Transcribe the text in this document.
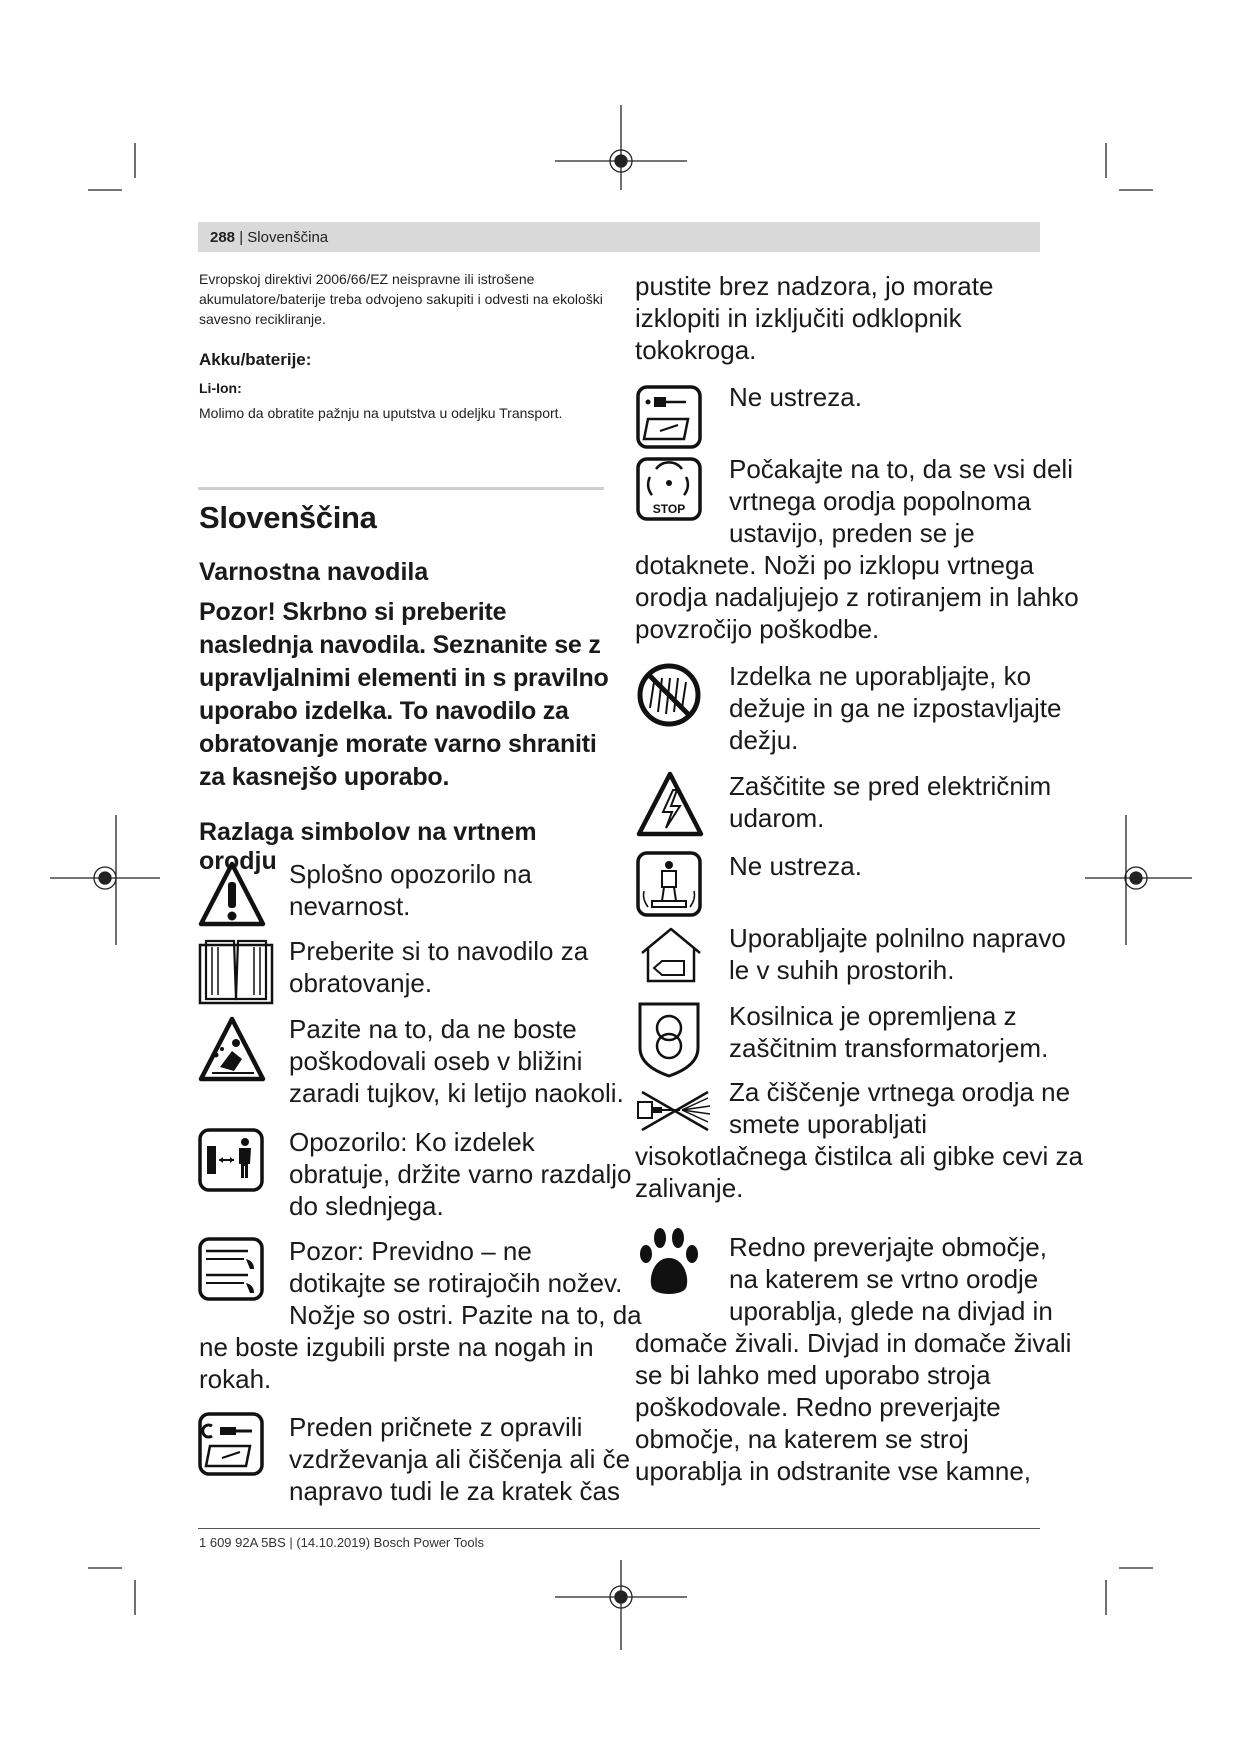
288 | Slovenščina
Evropskoj direktivi 2006/66/EZ neispravne ili istrošene akumulatore/baterije treba odvojeno sakupiti i odvesti na ekološki savesno recikliranje.
Akku/baterije:
Li-Ion:
Molimo da obratite pažnju na uputstva u odeljku Transport.
Slovenščina
Varnostna navodila
Pozor! Skrbno si preberite naslednja navodila. Seznanite se z upravljalnimi elementi in s pravilno uporabo izdelka. To navodilo za obratovanje morate varno shraniti za kasnejšo uporabo.
Razlaga simbolov na vrtnem orodju Splošno opozorilo na
nevarnost.
Preberite si to navodilo za
obratovanje.
Pazite na to, da ne boste
poškodovali oseb v bližini
zaradi tujkov, ki letijo naokoli.
Opozorilo: Ko izdelek
obratuje, držite varno razdaljo
do slednjega.
Pozor: Previdno – ne
dotikajte se rotirajočih nožev.
Nožje so ostri. Pazite na to, da
ne boste izgubili prste na nogah in
rokah.
Preden pričnete z opravili
vzdrževanja ali čiščenja ali če
napravo tudi le za kratek čas
pustite brez nadzora, jo morate
izklopiti in izključiti odklopnik
tokokroga.
Ne ustreza.
STOP
Počakajte na to, da se vsi deli
vrtnega orodja popolnoma
ustavijo, preden se je
dotaknete. Noži po izklopu vrtnega
orodja nadaljujejo z rotiranjem in lahko
povzročijo poškodbe.
Izdelka ne uporabljajte, ko
dežuje in ga ne izpostavljajte
dežju.
Zaščitite se pred električnim
udarom.
Ne ustreza.
Uporabljajte polnilno napravo
le v suhih prostorih.
Kosilnica je opremljena z
zaščitnim transformatorjem.
Za čiščenje vrtnega orodja ne
smete uporabljati
visokotlačnega čistilca ali gibke cevi za
zalivanje.
Redno preverjajte območje,
na katerem se vrtno orodje
uporablja, glede na divjad in
domače živali. Divjad in domače živali
se bi lahko med uporabo stroja
poškodovale. Redno preverjajte
območje, na katerem se stroj
uporablja in odstranite vse kamne,
1 609 92A 5BS | (14.10.2019) Bosch Power Tools
